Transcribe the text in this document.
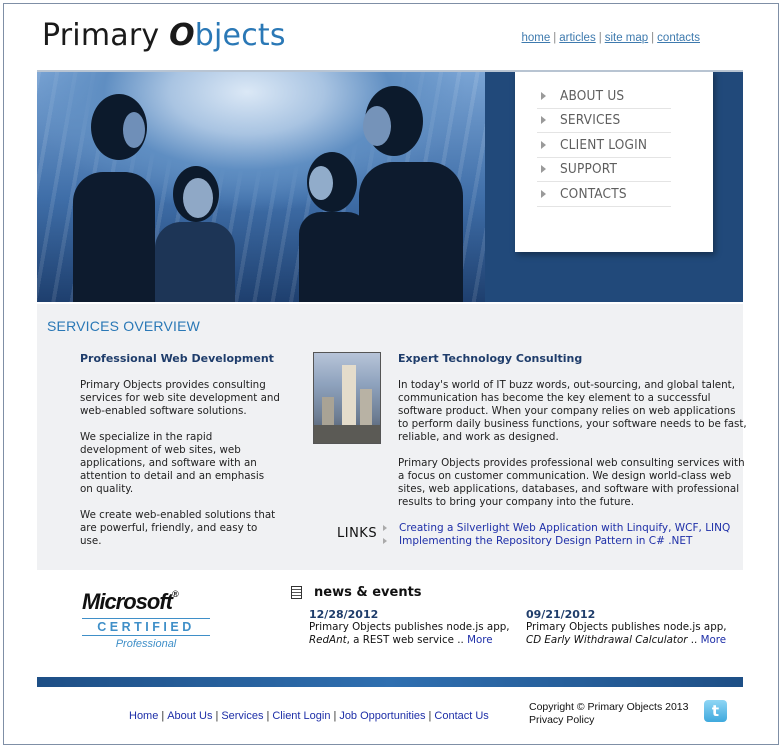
Primary Objects	home | articles | site map | contacts
ABOUT US
SERVICES
CLIENT LOGIN
SUPPORT
CONTACTS
SERVICES OVERVIEW
Professional Web Development

Primary Objects provides consulting services for web site development and web-enabled software solutions.

We specialize in the rapid development of web sites, web applications, and software with an attention to detail and an emphasis on quality.

We create web-enabled solutions that are powerful, friendly, and easy to use.

Expert Technology Consulting

In today's world of IT buzz words, out-sourcing, and global talent, communication has become the key element to a successful software product. When your company relies on web applications to perform daily business functions, your software needs to be fast, reliable, and work as designed.

Primary Objects provides professional web consulting services with a focus on customer communication. We design world-class web sites, web applications, databases, and software with professional results to bring your company into the future.

LINKS Creating a Silverlight Web Application with Linquify, WCF, LINQ
Implementing the Repository Design Pattern in C# .NET
Microsoft®
CERTIFIED
Professional
news & events
12/28/2012
Primary Objects publishes node.js app, RedAnt, a REST web service .. More
09/21/2012
Primary Objects publishes node.js app, CD Early Withdrawal Calculator .. More
Home | About Us | Services | Client Login | Job Opportunities | Contact Us
Copyright © Primary Objects 2013
Privacy Policy	t
